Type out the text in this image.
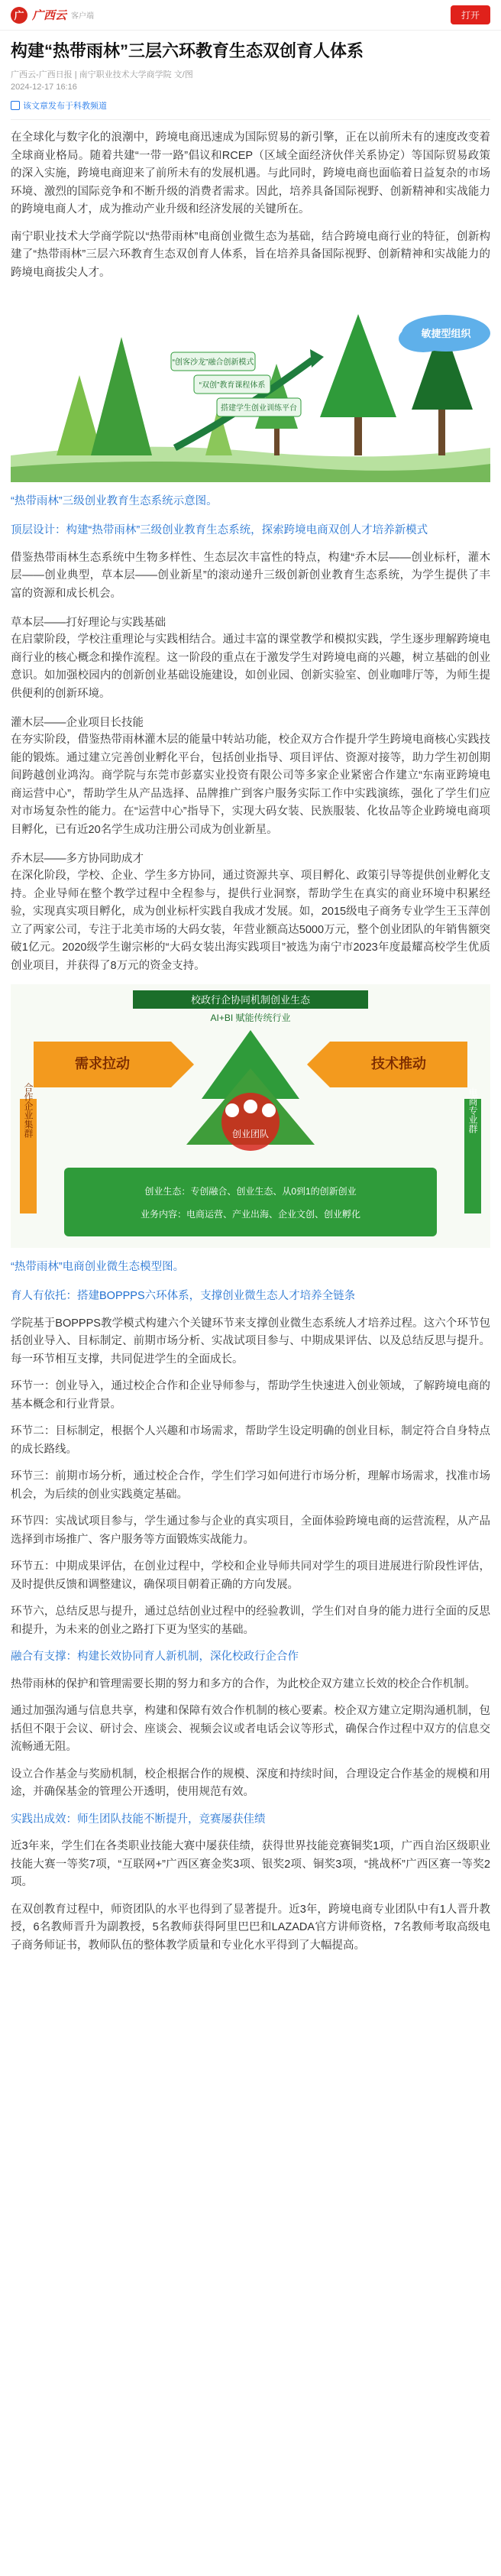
广 广西云 客户端	打开
构建“热带雨林”三层六环教育生态双创育人体系
广西云-广西日报 | 南宁职业技术大学商学院 文/图
2024-12-17 16:16
该文章发布于科教频道

在全球化与数字化的浪潮中，跨境电商迅速成为国际贸易的新引擎，正在以前所未有的速度改变着全球商业格局。随着共建“一带一路”倡议和RCEP（区域全面经济伙伴关系协定）等国际贸易政策的深入实施，跨境电商迎来了前所未有的发展机遇。与此同时，跨境电商也面临着日益复杂的市场环境、激烈的国际竞争和不断升级的消费者需求。因此，培养具备国际视野、创新精神和实战能力的跨境电商人才，成为推动产业升级和经济发展的关键所在。

南宁职业技术大学商学院以“热带雨林”电商创业微生态为基础，结合跨境电商行业的特征，创新构建了“热带雨林”三层六环教育生态双创育人体系，旨在培养具备国际视野、创新精神和实战能力的跨境电商拔尖人才。

敏捷型组织
“创客沙龙”融合创新模式
“双创”教育课程体系
搭建学生创业训练平台
“热带雨林”三级创业教育生态系统示意图。
顶层设计：构建“热带雨林”三级创业教育生态系统，探索跨境电商双创人才培养新模式

借鉴热带雨林生态系统中生物多样性、生态层次丰富性的特点，构建“乔木层——创业标杆，灌木层——创业典型，草本层——创业新星”的滚动递升三级创新创业教育生态系统，为学生提供了丰富的资源和成长机会。

草本层——打好理论与实践基础

在启蒙阶段，学校注重理论与实践相结合。通过丰富的课堂教学和模拟实践，学生逐步理解跨境电商行业的核心概念和操作流程。这一阶段的重点在于激发学生对跨境电商的兴趣，树立基础的创业意识。如加强校园内的创新创业基础设施建设，如创业园、创新实验室、创业咖啡厅等，为师生提供便利的创新环境。

灌木层——企业项目长技能

在夯实阶段，借鉴热带雨林灌木层的能量中转站功能，校企双方合作提升学生跨境电商核心实践技能的锻炼。通过建立完善创业孵化平台，包括创业指导、项目评估、资源对接等，助力学生初创期间跨越创业鸿沟。商学院与东莞市彭嘉实业投资有限公司等多家企业紧密合作建立“东南亚跨境电商运营中心”，帮助学生从产品选择、品牌推广到客户服务实际工作中实践演练，强化了学生们应对市场复杂性的能力。在“运营中心”指导下，实现大码女装、民族服装、化妆品等企业跨境电商项目孵化，已有近20名学生成功注册公司成为创业新星。

乔木层——多方协同助成才

在深化阶段，学校、企业、学生多方协同，通过资源共享、项目孵化、政策引导等提供创业孵化支持。企业导师在整个教学过程中全程参与，提供行业洞察，帮助学生在真实的商业环境中积累经验，实现真实项目孵化，成为创业标杆实践自我成才发展。如，2015级电子商务专业学生王玉萍创立了两家公司，专注于北美市场的大码女装，年营业额高达5000万元，整个创业团队的年销售额突破1亿元。2020级学生谢宗彬的“大码女装出海实践项目”被选为南宁市2023年度最耀高校学生优质创业项目，并获得了8万元的资金支持。

校政行企协同机制创业生态
AI+BI 赋能传统行业
需求拉动	技术推动
创业团队
合作企业集群	电商专业群
创业生态：专创融合、创业生态、从0到1的创新创业
业务内容：电商运营、产业出海、企业文创、创业孵化
“热带雨林”电商创业微生态模型图。
育人有依托：搭建BOPPPS六环体系，支撑创业微生态人才培养全链条

学院基于BOPPPS教学模式构建六个关键环节来支撑创业微生态系统人才培养过程。这六个环节包括创业导入、目标制定、前期市场分析、实战试项目参与、中期成果评估、以及总结反思与提升。每一环节相互支撑，共同促进学生的全面成长。

环节一：创业导入，通过校企合作和企业导师参与，帮助学生快速进入创业领域，了解跨境电商的基本概念和行业背景。

环节二：目标制定，根据个人兴趣和市场需求，帮助学生设定明确的创业目标，制定符合自身特点的成长路线。

环节三：前期市场分析，通过校企合作，学生们学习如何进行市场分析，理解市场需求，找准市场机会，为后续的创业实践奠定基础。

环节四：实战试项目参与，学生通过参与企业的真实项目，全面体验跨境电商的运营流程，从产品选择到市场推广、客户服务等方面锻炼实战能力。

环节五：中期成果评估，在创业过程中，学校和企业导师共同对学生的项目进展进行阶段性评估，及时提供反馈和调整建议，确保项目朝着正确的方向发展。

环节六，总结反思与提升，通过总结创业过程中的经验教训，学生们对自身的能力进行全面的反思和提升，为未来的创业之路打下更为坚实的基础。

融合有支撑：构建长效协同育人新机制，深化校政行企合作

热带雨林的保护和管理需要长期的努力和多方的合作，为此校企双方建立长效的校企合作机制。

通过加强沟通与信息共享，构建和保障有效合作机制的核心要素。校企双方建立定期沟通机制，包括但不限于会议、研讨会、座谈会、视频会议或者电话会议等形式，确保合作过程中双方的信息交流畅通无阻。

设立合作基金与奖励机制，校企根据合作的规模、深度和持续时间，合理设定合作基金的规模和用途，并确保基金的管理公开透明，使用规范有效。

实践出成效：师生团队技能不断提升，竞赛屡获佳绩

近3年来，学生们在各类职业技能大赛中屡获佳绩，获得世界技能竞赛铜奖1项，广西自治区级职业技能大赛一等奖7项，“互联网+”广西区赛金奖3项、银奖2项、铜奖3项，“挑战杯”广西区赛一等奖2项。

在双创教育过程中，师资团队的水平也得到了显著提升。近3年，跨境电商专业团队中有1人晋升教授，6名教师晋升为副教授，5名教师获得阿里巴巴和LAZADA官方讲师资格，7名教师考取高级电子商务师证书，教师队伍的整体教学质量和专业化水平得到了大幅提高。
